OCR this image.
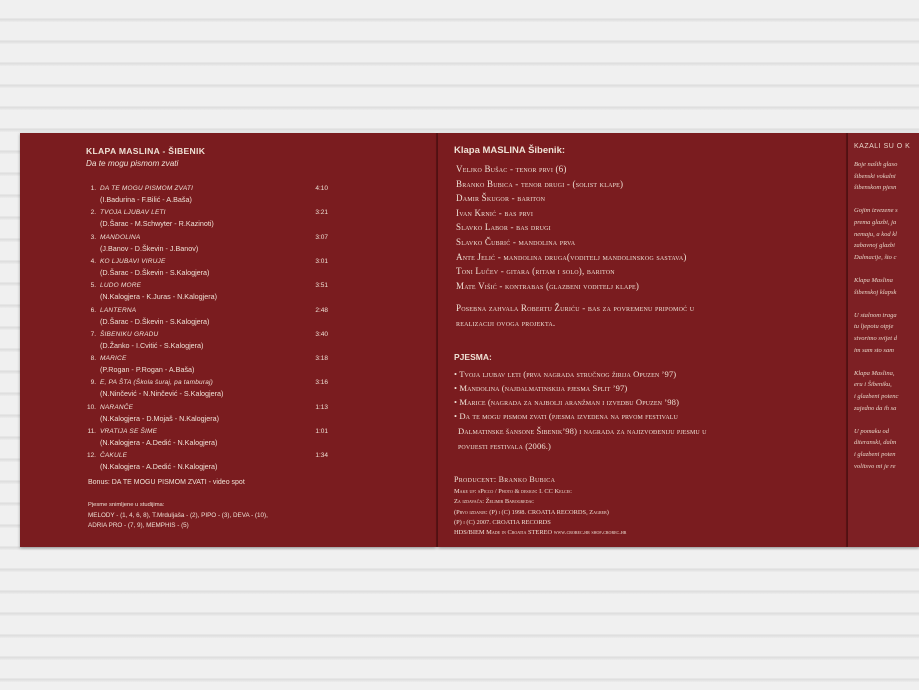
KLAPA MASLINA - ŠIBENIK
Da te mogu pismom zvati
1. DA TE MOGU PISMOM ZVATI	4:10
(I.Badurina - F.Bilić - A.Baša)
2. TVOJA LJUBAV LETI	3:21
(D.Šarac - M.Schwyter - R.Kazinoti)
3. MANDOLINA	3:07
(J.Banov - D.Škevin - J.Banov)
4. KO LJUBAVI VIRUJE	3:01
(D.Šarac - D.Škevin - S.Kalogjera)
5. LUDO MORE	3:51
(N.Kalogjera - K.Juras - N.Kalogjera)
6. LANTERNA	2:48
(D.Šarac - D.Škevin - S.Kalogjera)
7. ŠIBENIKU GRADU	3:40
(D.Žanko - I.Cvitić - S.Kalogjera)
8. MARICE	3:18
(P.Rogan - P.Rogan - A.Baša)
9. E, PA ŠTA (Škola šuraj, pa tamburaj)	3:16
(N.Ninčević - N.Ninčević - S.Kalogjera)
10. NARANČE	1:13
(N.Kalogjera - D.Mojaš - N.Kalogjera)
11. VRATIJA SE ŠIME	1:01
(N.Kalogjera - A.Dedić - N.Kalogjera)
12. ČAKULE	1:34
(N.Kalogjera - A.Dedić - N.Kalogjera)
Bonus: DA TE MOGU PISMOM ZVATI - video spot
Pjesme snimljene u studijima:
MELODY - (1, 4, 6, 8), T.Mrduljaša - (2), PIPO - (3), DEVA - (10),
ADRIA PRO - (7, 9), MEMPHIS - (5)
Klapa MASLINA Šibenik:
Veljko Bušac - tenor prvi (6)
Branko Bubica - tenor drugi - (solist klape)
Damir Škugor - bariton
Ivan Krnić - bas prvi
Slavko Labor - bas drugi
Slavko Čubrić - mandolina prva
Ante Jelić - mandolina druga(voditelj mandolinskog sastava)
Toni Lučev - gitara (ritam i solo), bariton
Mate Višić - kontrabas (glazbeni voditelj klape)
Posebna zahvala Robertu Žuriću - bas za povremenu pripomoć u
realizaciji ovoga projekta.
PJESMA:
• Tvoja ljubav leti (prva nagrada stručnog žirija Opuzen ’97)
• Mandolina (najdalmatinskija pjesma Split ’97)
• Marice (nagrada za najbolji aranžman i izvedbu Opuzen ’98)
• Da te mogu pismom zvati (pjesma izvedena na prvom festivalu
Dalmatinske šansone Šibenik’98) i nagrada za najizvođeniju pjesmu u
povijesti festivala (2006.)
Producent: Branko Bubica
Make up: sPicco / Photo & design: I. CC Kelcec
Za izdavača: Želimir Babogredac
(Prvo izdanje: (P) i (C) 1998. CROATIA RECORDS, Zagreb)
(P) i (C) 2007. CROATIA RECORDS
HDS/BIEM Made in Croatia STEREO www.crorec.hr shop.crorec.hr
KAZALI SU O K
Boje naših glaso
šibenski vokalni
šibenskom pjesn
Gojim izvezene s
prema glazbi, ja
nemaju, a kod kl
zabavnoj glazbi
Dalmacije, što c
Klapa Maslina
šibenskoj klapsk
U stalnom traga
tu ljepotu otpje
stvorimo svijet d
im sam sto sam
Klapa Maslina,
eru i Šibeniku,
i glazbeni potenc
zajedno da ih sa
U pomaku od
diteranski, dalm
i glazbeni poten
volitsvo mi je re
